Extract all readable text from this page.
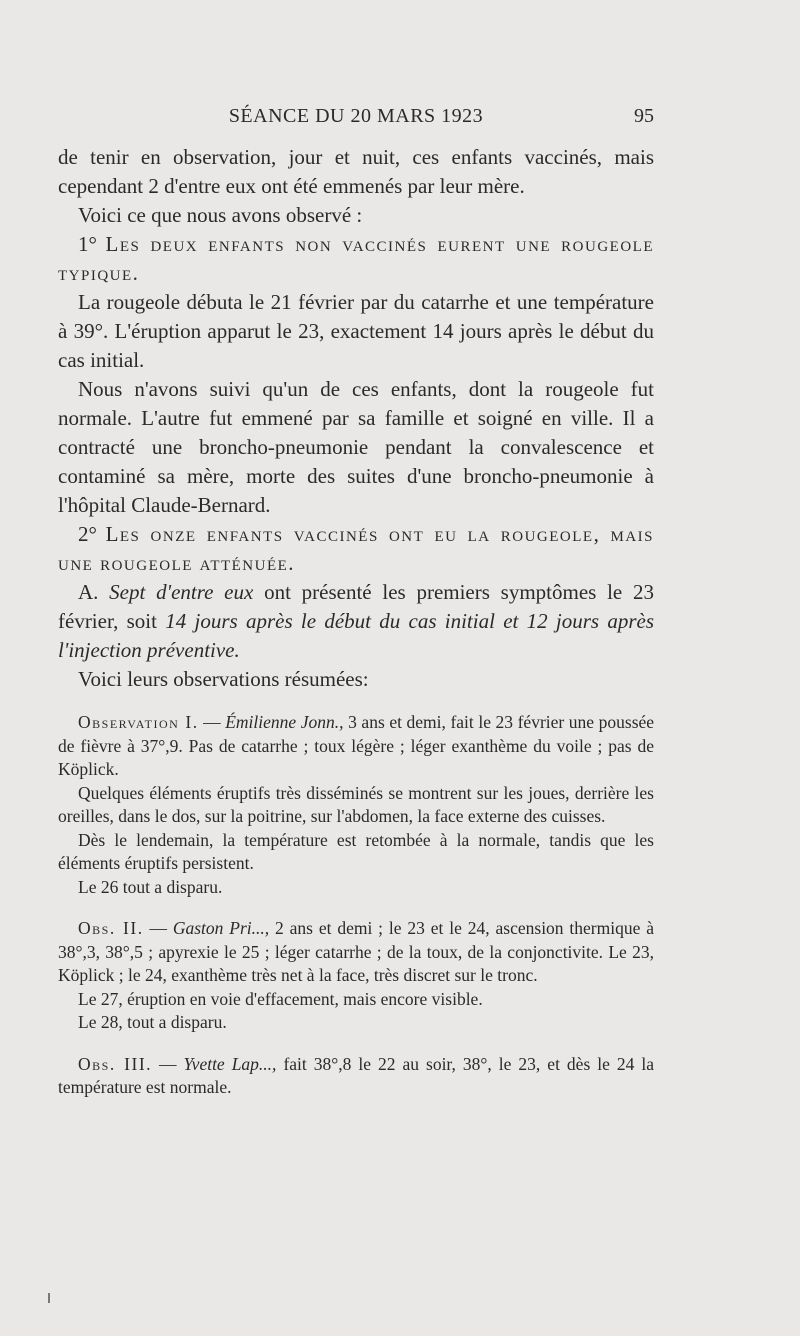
SÉANCE DU 20 MARS 1923	95

de tenir en observation, jour et nuit, ces enfants vaccinés, mais cependant 2 d'entre eux ont été emmenés par leur mère.

Voici ce que nous avons observé :

1° Les deux enfants non vaccinés eurent une rougeole typique.

La rougeole débuta le 21 février par du catarrhe et une température à 39°. L'éruption apparut le 23, exactement 14 jours après le début du cas initial.

Nous n'avons suivi qu'un de ces enfants, dont la rougeole fut normale. L'autre fut emmené par sa famille et soigné en ville. Il a contracté une broncho-pneumonie pendant la convalescence et contaminé sa mère, morte des suites d'une broncho-pneumonie à l'hôpital Claude-Bernard.

2° Les onze enfants vaccinés ont eu la rougeole, mais une rougeole atténuée.

A. Sept d'entre eux ont présenté les premiers symptômes le 23 février, soit 14 jours après le début du cas initial et 12 jours après l'injection préventive.

Voici leurs observations résumées:

Observation I. — Émilienne Jonn., 3 ans et demi, fait le 23 février une poussée de fièvre à 37°,9. Pas de catarrhe ; toux légère ; léger exanthème du voile ; pas de Köplick.

Quelques éléments éruptifs très disséminés se montrent sur les joues, derrière les oreilles, dans le dos, sur la poitrine, sur l'abdomen, la face externe des cuisses.

Dès le lendemain, la température est retombée à la normale, tandis que les éléments éruptifs persistent.

Le 26 tout a disparu.

Obs. II. — Gaston Pri..., 2 ans et demi ; le 23 et le 24, ascension thermique à 38°,3, 38°,5 ; apyrexie le 25 ; léger catarrhe ; de la toux, de la conjonctivite. Le 23, Köplick ; le 24, exanthème très net à la face, très discret sur le tronc.

Le 27, éruption en voie d'effacement, mais encore visible.

Le 28, tout a disparu.

Obs. III. — Yvette Lap..., fait 38°,8 le 22 au soir, 38°, le 23, et dès le 24 la température est normale.
